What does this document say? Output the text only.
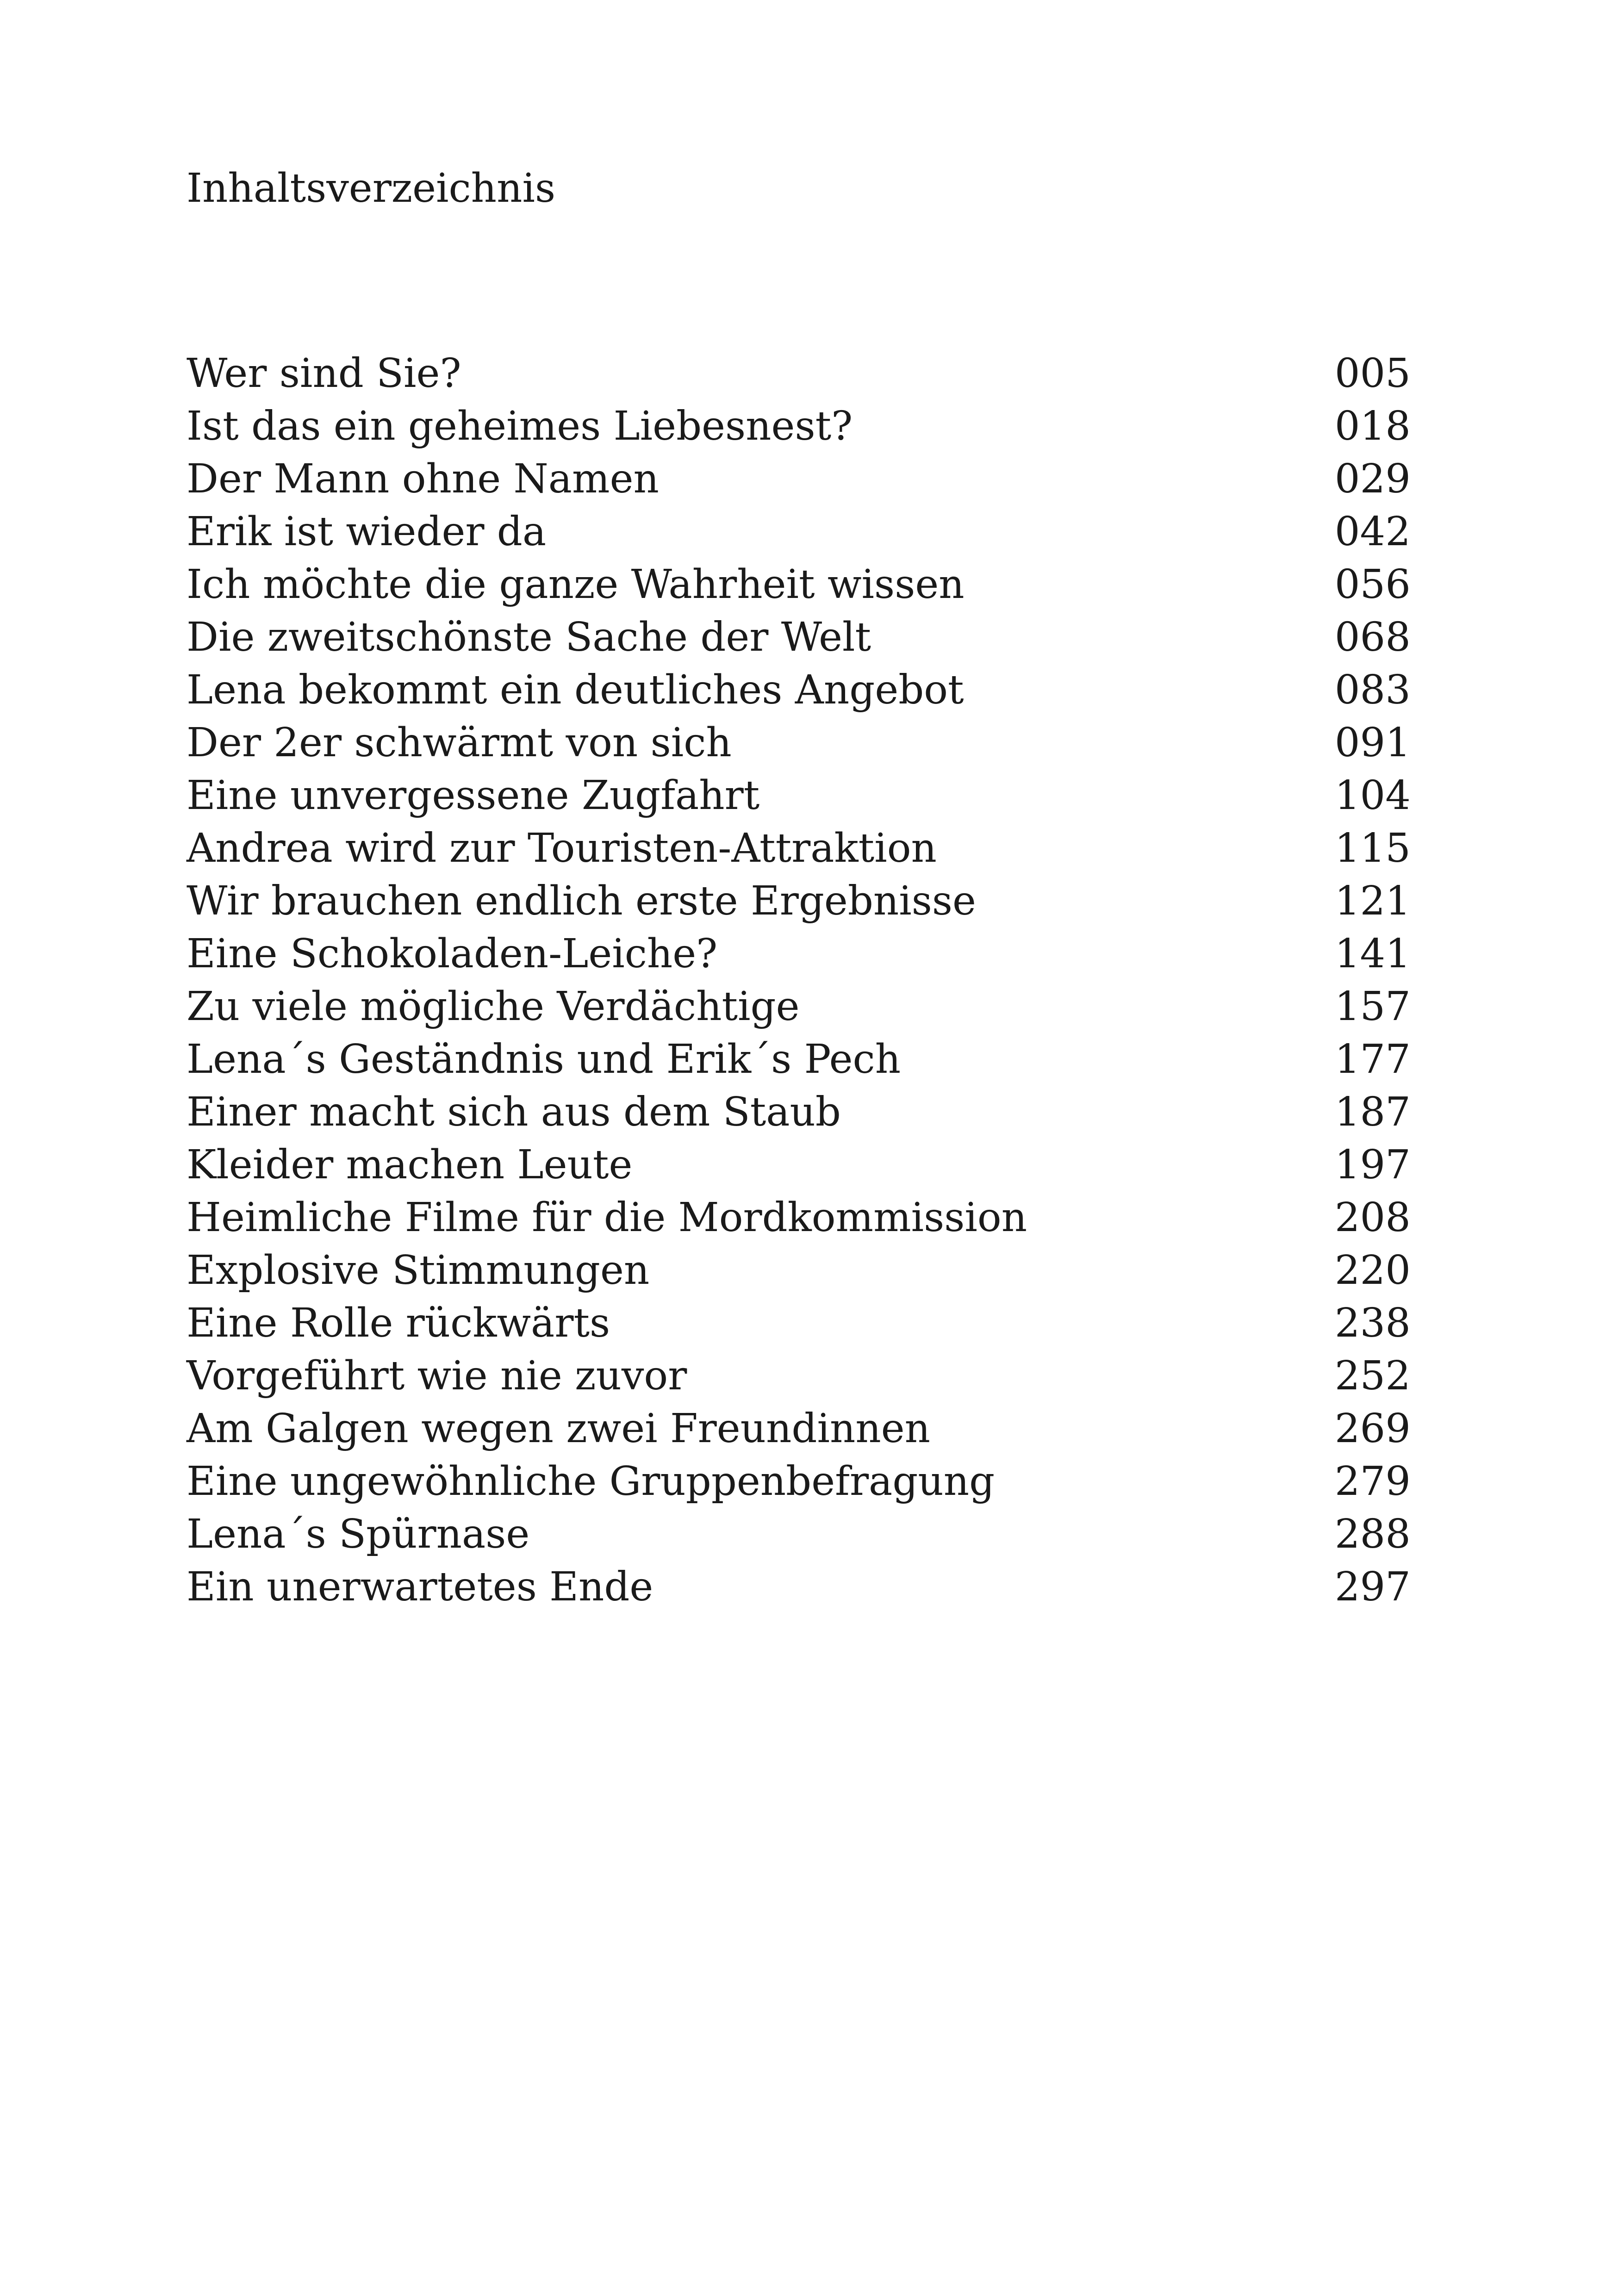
Inhaltsverzeichnis
Wer sind Sie?	005
Ist das ein geheimes Liebesnest?	018
Der Mann ohne Namen	029
Erik ist wieder da	042
Ich möchte die ganze Wahrheit wissen	056
Die zweitschönste Sache der Welt	068
Lena bekommt ein deutliches Angebot	083
Der 2er schwärmt von sich	091
Eine unvergessene Zugfahrt	104
Andrea wird zur Touristen-Attraktion	115
Wir brauchen endlich erste Ergebnisse	121
Eine Schokoladen-Leiche?	141
Zu viele mögliche Verdächtige	157
Lena´s Geständnis und Erik´s Pech	177
Einer macht sich aus dem Staub	187
Kleider machen Leute	197
Heimliche Filme für die Mordkommission	208
Explosive Stimmungen	220
Eine Rolle rückwärts	238
Vorgeführt wie nie zuvor	252
Am Galgen wegen zwei Freundinnen	269
Eine ungewöhnliche Gruppenbefragung	279
Lena´s Spürnase	288
Ein unerwartetes Ende	297
